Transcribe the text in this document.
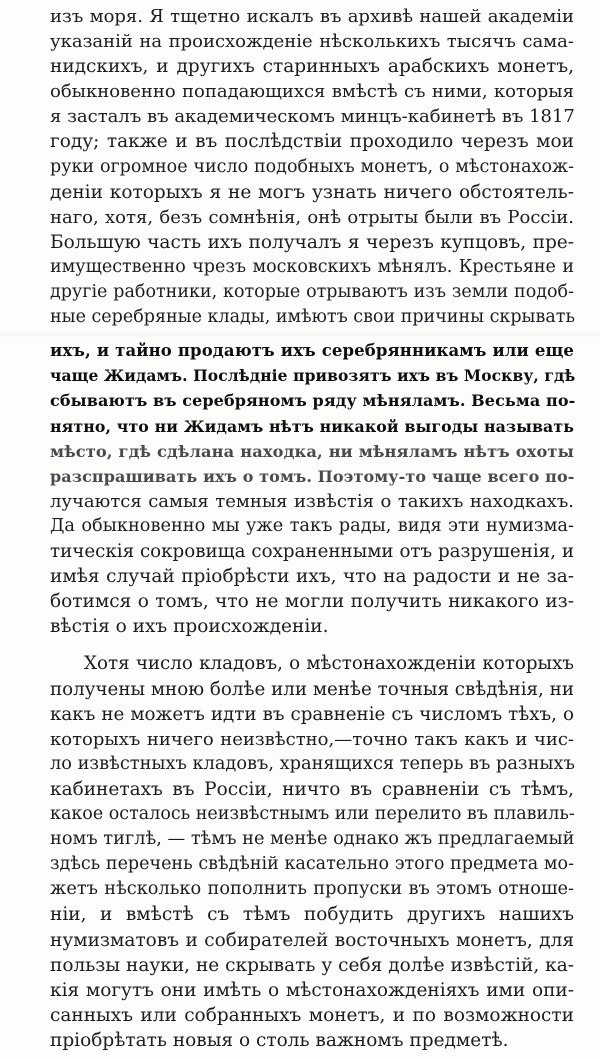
изъ моря. Я тщетно искалъ въ архивѣ нашей академіи

указаній на происхожденіе нѣсколькихъ тысячъ сама-

нидскихъ, и другихъ старинныхъ арабскихъ монетъ,

обыкновенно попадающихся вмѣстѣ съ ними, которыя

я засталъ въ академическомъ минцъ-кабинетѣ въ 1817

году; также и въ послѣдствіи проходило черезъ мои

руки огромное число подобныхъ монетъ, о мѣстонахож-

деніи которыхъ я не могъ узнать ничего обстоятель-

наго, хотя, безъ сомнѣнія, онѣ отрыты были въ Россіи.

Большую часть ихъ получалъ я черезъ купцовъ, пре-

имущественно чрезъ московскихъ мѣнялъ. Крестьяне и

другіе работники, которые отрываютъ изъ земли подоб-

ные серебряные клады, имѣютъ свои причины скрывать

ихъ, и тайно продаютъ ихъ серебрянникамъ или еще

чаще Жидамъ. Послѣдніе привозятъ ихъ въ Москву, гдѣ

сбываютъ въ серебряномъ ряду мѣняламъ. Весьма по-

нятно, что ни Жидамъ нѣтъ никакой выгоды называть

мѣсто, гдѣ сдѣлана находка, ни мѣняламъ нѣтъ охоты

разспрашивать ихъ о томъ. Поэтому-то чаще всего по-

лучаются самыя темныя извѣстія о такихъ находкахъ.

Да обыкновенно мы уже такъ рады, видя эти нумизма-

тическія сокровища сохраненными отъ разрушенія, и

имѣя случай пріобрѣсти ихъ, что на радости и не за-

ботимся о томъ, что не могли получить никакого из-

вѣстія о ихъ происхожденіи.

Хотя число кладовъ, о мѣстонахожденіи которыхъ

получены мною болѣе или менѣе точныя свѣдѣнія, ни

какъ не можетъ идти въ сравненіе съ числомъ тѣхъ, о

которыхъ ничего неизвѣстно,—точно такъ какъ и чис-

ло извѣстныхъ кладовъ, хранящихся теперь въ разныхъ

кабинетахъ въ Россіи, ничто въ сравненіи съ тѣмъ,

какое осталось неизвѣстнымъ или перелито въ плавиль-

номъ тиглѣ, — тѣмъ не менѣе однако жъ предлагаемый

здѣсь перечень свѣдѣній касательно этого предмета мо-

жетъ нѣсколько пополнить пропуски въ этомъ отноше-

ніи, и вмѣстѣ съ тѣмъ побудить другихъ нашихъ

нумизматовъ и собирателей восточныхъ монетъ, для

пользы науки, не скрывать у себя долѣе извѣстій, ка-

кія могутъ они имѣть о мѣстонахожденіяхъ ими опи-

санныхъ или собранныхъ монетъ, и по возможности

пріобрѣтать новыя о столь важномъ предметѣ.
